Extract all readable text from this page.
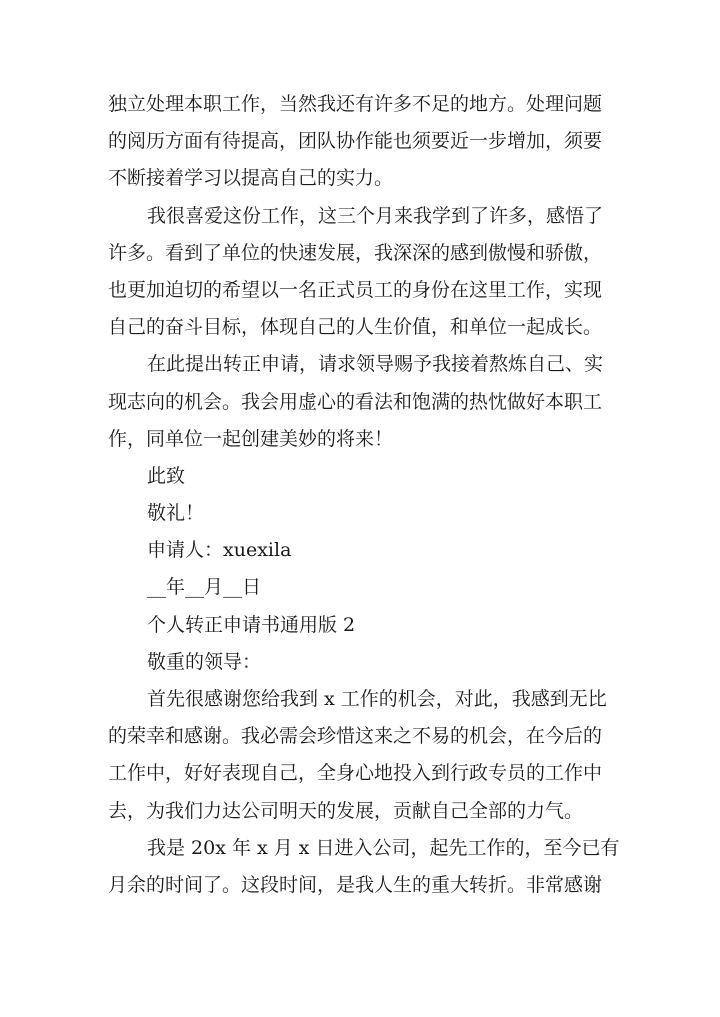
独立处理本职工作，当然我还有许多不足的地方。处理问题
的阅历方面有待提高，团队协作能也须要近一步增加，须要
不断接着学习以提高自己的实力。
我很喜爱这份工作，这三个月来我学到了许多，感悟了
许多。看到了单位的快速发展，我深深的感到傲慢和骄傲，
也更加迫切的希望以一名正式员工的身份在这里工作，实现
自己的奋斗目标，体现自己的人生价值，和单位一起成长。
在此提出转正申请，请求领导赐予我接着熬炼自己、实
现志向的机会。我会用虚心的看法和饱满的热忱做好本职工
作，同单位一起创建美妙的将来！
此致
敬礼！
申请人：xuexila
__年__月__日
个人转正申请书通用版 2
敬重的领导：
首先很感谢您给我到 x 工作的机会，对此，我感到无比
的荣幸和感谢。我必需会珍惜这来之不易的机会，在今后的
工作中，好好表现自己，全身心地投入到行政专员的工作中
去，为我们力达公司明天的发展，贡献自己全部的力气。
我是 20x 年 x 月 x 日进入公司，起先工作的，至今已有
月余的时间了。这段时间，是我人生的重大转折。非常感谢
